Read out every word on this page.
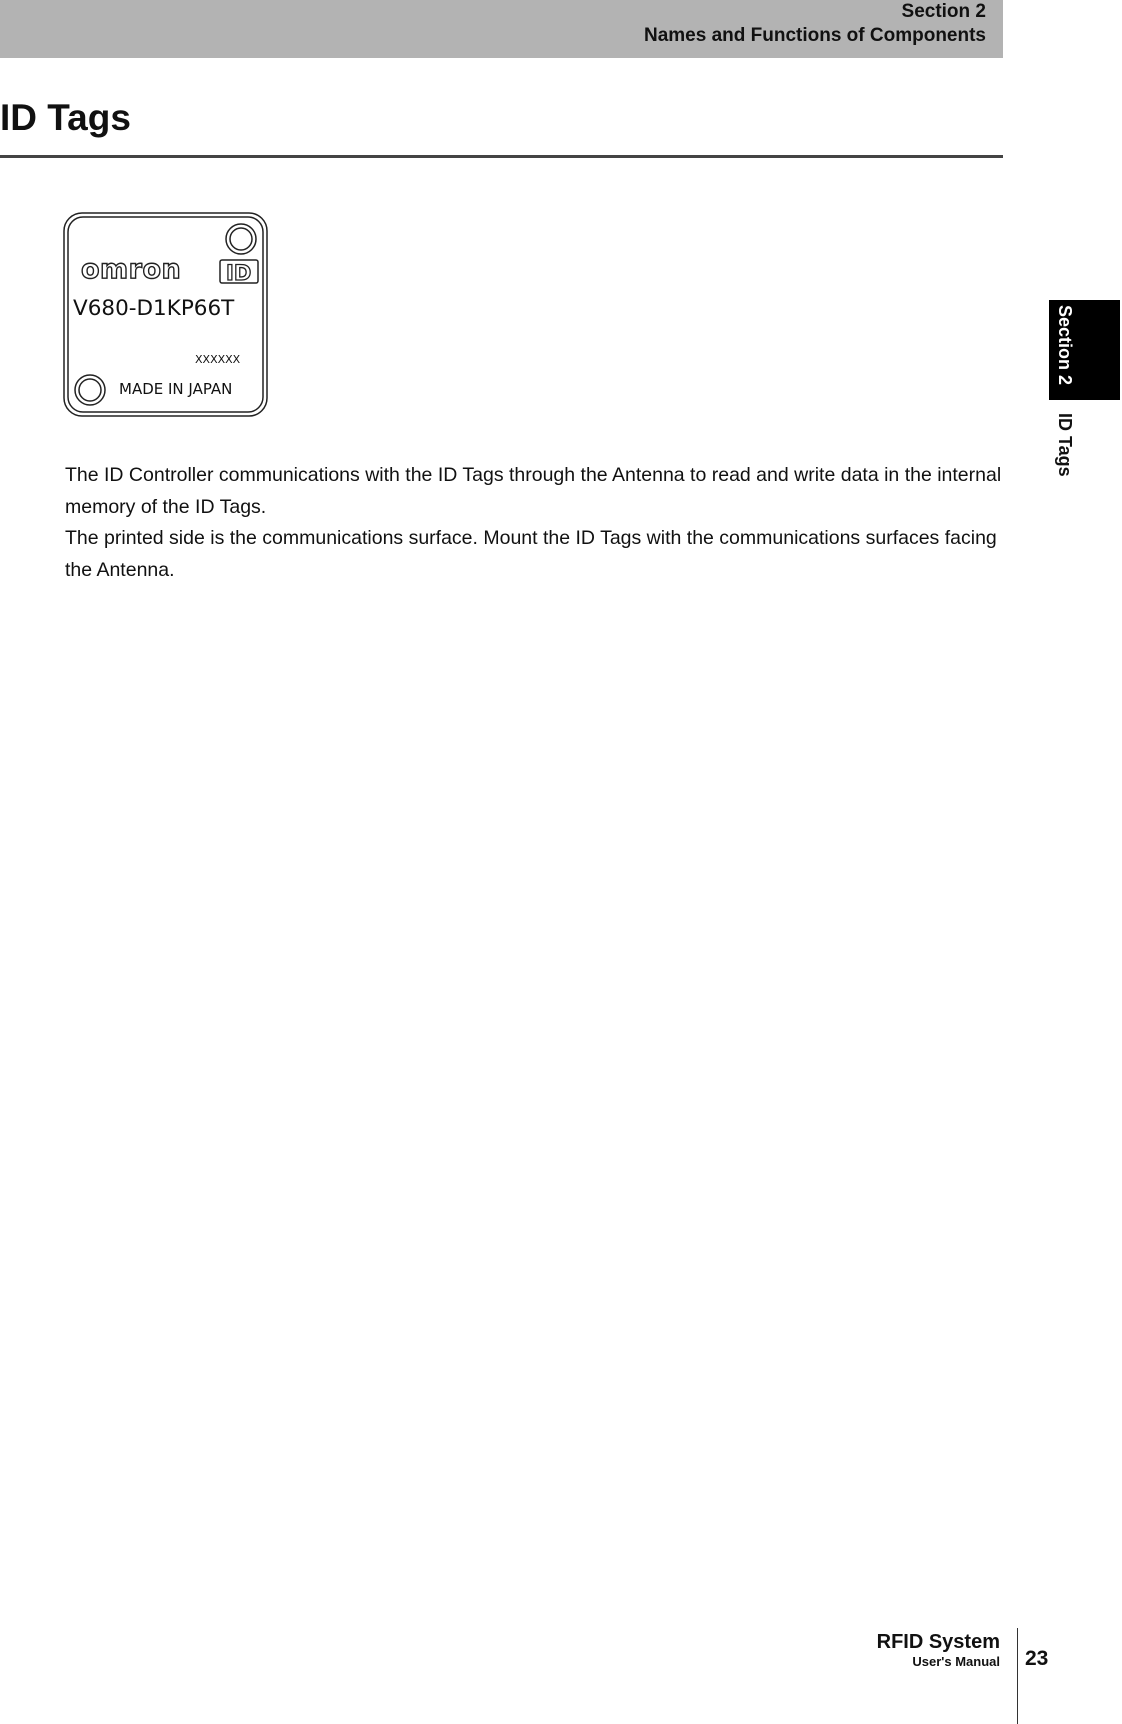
Section 2
Names and Functions of Components
ID Tags
omron ID
V680-D1KP66T
XXXXXX
MADE IN JAPAN

The ID Controller communications with the ID Tags through the Antenna to read and write data in the internal memory of the ID Tags.

The printed side is the communications surface. Mount the ID Tags with the communications surfaces facing the Antenna.

Section 2
ID Tags
RFID System
User's Manual 23
